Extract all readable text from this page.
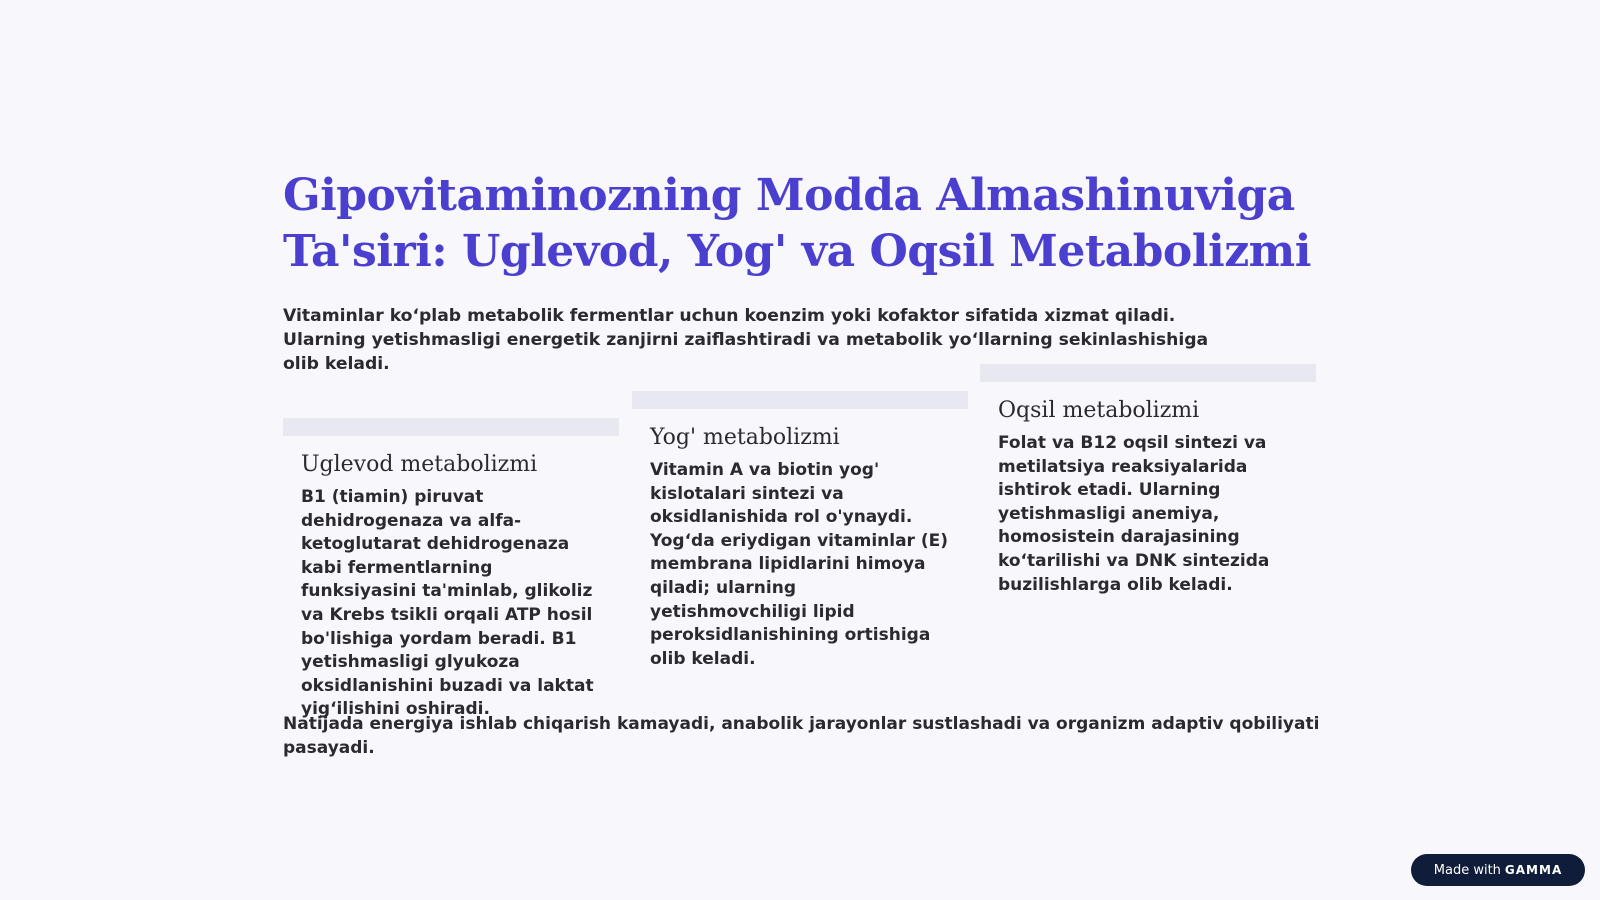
Gipovitaminozning Modda Almashinuviga Ta'siri: Uglevod, Yog' va Oqsil Metabolizmi

Vitaminlar ko‘plab metabolik fermentlar uchun koenzim yoki kofaktor sifatida xizmat qiladi. Ularning yetishmasligi energetik zanjirni zaiflashtiradi va metabolik yo‘llarning sekinlashishiga olib keladi.

Uglevod metabolizmi
B1 (tiamin) piruvat dehidrogenaza va alfa-ketoglutarat dehidrogenaza kabi fermentlarning funksiyasini ta'minlab, glikoliz va Krebs tsikli orqali ATP hosil bo'lishiga yordam beradi. B1 yetishmasligi glyukoza oksidlanishini buzadi va laktat yig‘ilishini oshiradi.
Yog' metabolizmi
Vitamin A va biotin yog' kislotalari sintezi va oksidlanishida rol o'ynaydi. Yog‘da eriydigan vitaminlar (E) membrana lipidlarini himoya qiladi; ularning yetishmovchiligi lipid peroksidlanishining ortishiga olib keladi.
Oqsil metabolizmi
Folat va B12 oqsil sintezi va metilatsiya reaksiyalarida ishtirok etadi. Ularning yetishmasligi anemiya, homosistein darajasining ko‘tarilishi va DNK sintezida buzilishlarga olib keladi.

Natijada energiya ishlab chiqarish kamayadi, anabolik jarayonlar sustlashadi va organizm adaptiv qobiliyati pasayadi.

Made with GAMMA
